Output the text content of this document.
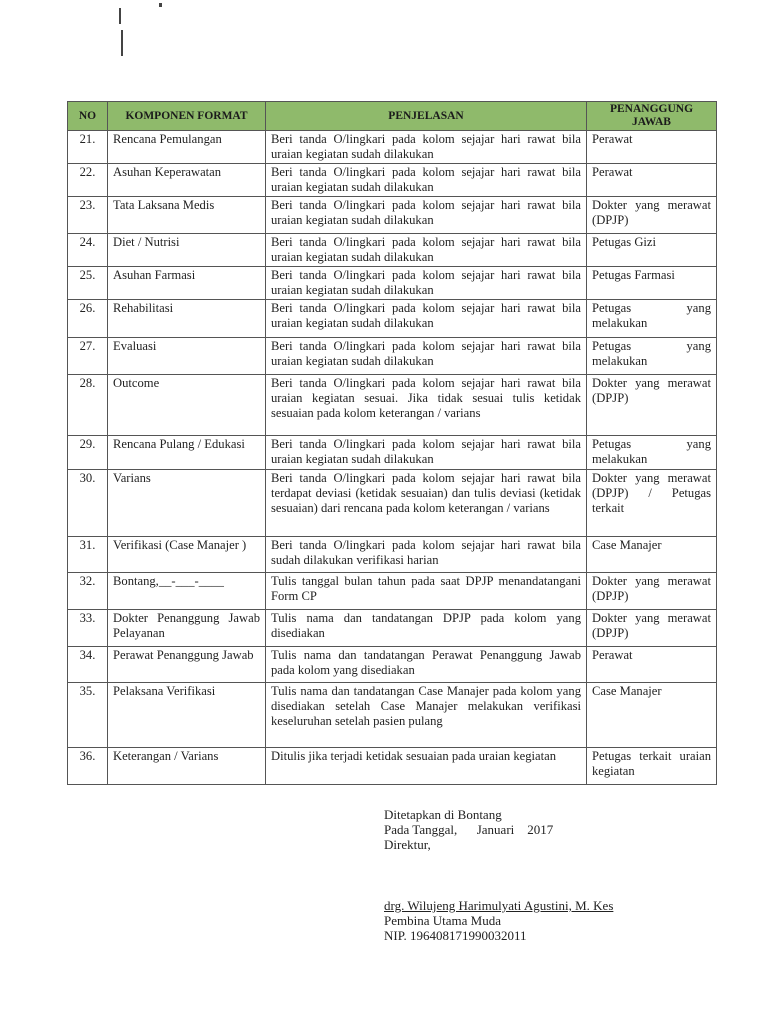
NO	KOMPONEN FORMAT	PENJELASAN	PENANGGUNG JAWAB
21.	Rencana Pemulangan	Beri tanda O/lingkari pada kolom sejajar hari rawat bila uraian kegiatan sudah dilakukan	Perawat
22.	Asuhan Keperawatan	Beri tanda O/lingkari pada kolom sejajar hari rawat bila uraian kegiatan sudah dilakukan	Perawat
23.	Tata Laksana Medis	Beri tanda O/lingkari pada kolom sejajar hari rawat bila uraian kegiatan sudah dilakukan	Dokter yang merawat (DPJP)
24.	Diet / Nutrisi	Beri tanda O/lingkari pada kolom sejajar hari rawat bila uraian kegiatan sudah dilakukan	Petugas Gizi
25.	Asuhan Farmasi	Beri tanda O/lingkari pada kolom sejajar hari rawat bila uraian kegiatan sudah dilakukan	Petugas Farmasi
26.	Rehabilitasi	Beri tanda O/lingkari pada kolom sejajar hari rawat bila uraian kegiatan sudah dilakukan	Petugas yang melakukan
27.	Evaluasi	Beri tanda O/lingkari pada kolom sejajar hari rawat bila uraian kegiatan sudah dilakukan	Petugas yang melakukan
28.	Outcome	Beri tanda O/lingkari pada kolom sejajar hari rawat bila uraian kegiatan sesuai. Jika tidak sesuai tulis ketidak sesuaian pada kolom keterangan / varians	Dokter yang merawat (DPJP)
29.	Rencana Pulang / Edukasi	Beri tanda O/lingkari pada kolom sejajar hari rawat bila uraian kegiatan sudah dilakukan	Petugas yang melakukan
30.	Varians	Beri tanda O/lingkari pada kolom sejajar hari rawat bila terdapat deviasi (ketidak sesuaian) dan tulis deviasi (ketidak sesuaian) dari rencana pada kolom keterangan / varians	Dokter yang merawat (DPJP) / Petugas terkait
31.	Verifikasi (Case Manajer )	Beri tanda O/lingkari pada kolom sejajar hari rawat bila sudah dilakukan verifikasi harian	Case Manajer
32.	Bontang,__-___-____	Tulis tanggal bulan tahun pada saat DPJP menandatangani Form CP	Dokter yang merawat (DPJP)
33.	Dokter Penanggung Jawab Pelayanan	Tulis nama dan tandatangan DPJP pada kolom yang disediakan	Dokter yang merawat (DPJP)
34.	Perawat Penanggung Jawab	Tulis nama dan tandatangan Perawat Penanggung Jawab pada kolom yang disediakan	Perawat
35.	Pelaksana Verifikasi	Tulis nama dan tandatangan Case Manajer pada kolom yang disediakan setelah Case Manajer melakukan verifikasi keseluruhan setelah pasien pulang	Case Manajer
36.	Keterangan / Varians	Ditulis jika terjadi ketidak sesuaian pada uraian kegiatan	Petugas terkait uraian kegiatan
Ditetapkan di Bontang
Pada Tanggal,      Januari    2017
Direktur,
drg. Wilujeng Harimulyati Agustini, M. Kes
Pembina Utama Muda
NIP. 196408171990032011
